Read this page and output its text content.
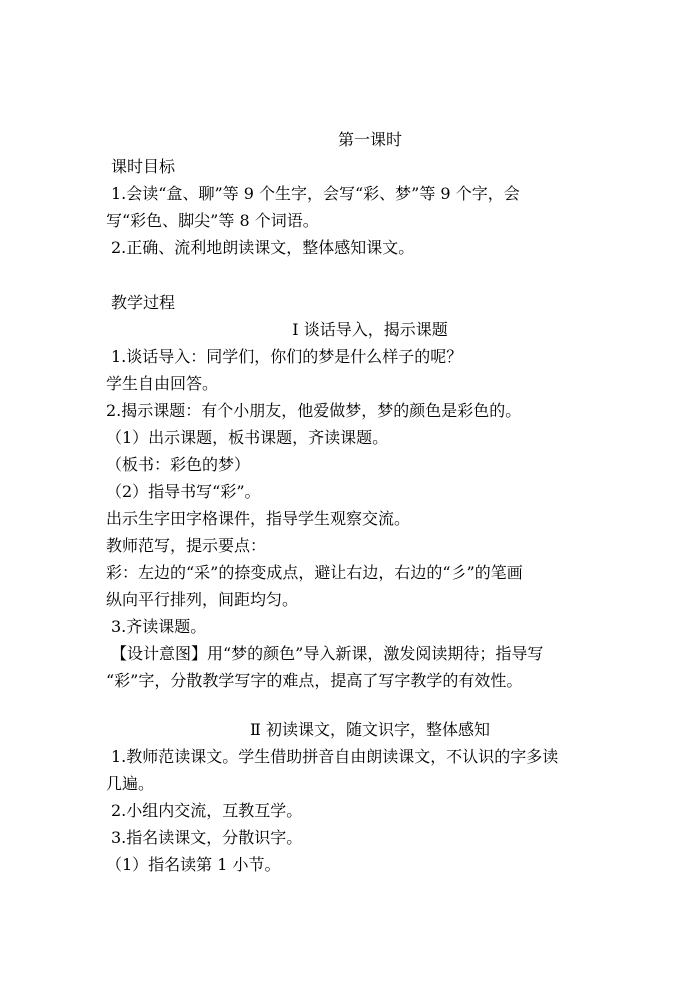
第一课时
课时目标
1.会读“盒、聊”等 9 个生字，会写“彩、梦”等 9 个字，会
写“彩色、脚尖”等 8 个词语。
2.正确、流利地朗读课文，整体感知课文。
教学过程
Ⅰ 谈话导入，揭示课题
1.谈话导入：同学们，你们的梦是什么样子的呢？
学生自由回答。
2.揭示课题：有个小朋友，他爱做梦，梦的颜色是彩色的。
（1）出示课题，板书课题，齐读课题。
（板书：彩色的梦）
（2）指导书写“彩”。
出示生字田字格课件，指导学生观察交流。
教师范写，提示要点：
彩：左边的“采”的捺变成点，避让右边，右边的“彡”的笔画
纵向平行排列，间距均匀。
3.齐读课题。
【设计意图】用“梦的颜色”导入新课，激发阅读期待；指导写
“彩”字，分散教学写字的难点，提高了写字教学的有效性。
Ⅱ 初读课文，随文识字，整体感知
1.教师范读课文。学生借助拼音自由朗读课文，不认识的字多读
几遍。
2.小组内交流，互教互学。
3.指名读课文，分散识字。
（1）指名读第 1 小节。
